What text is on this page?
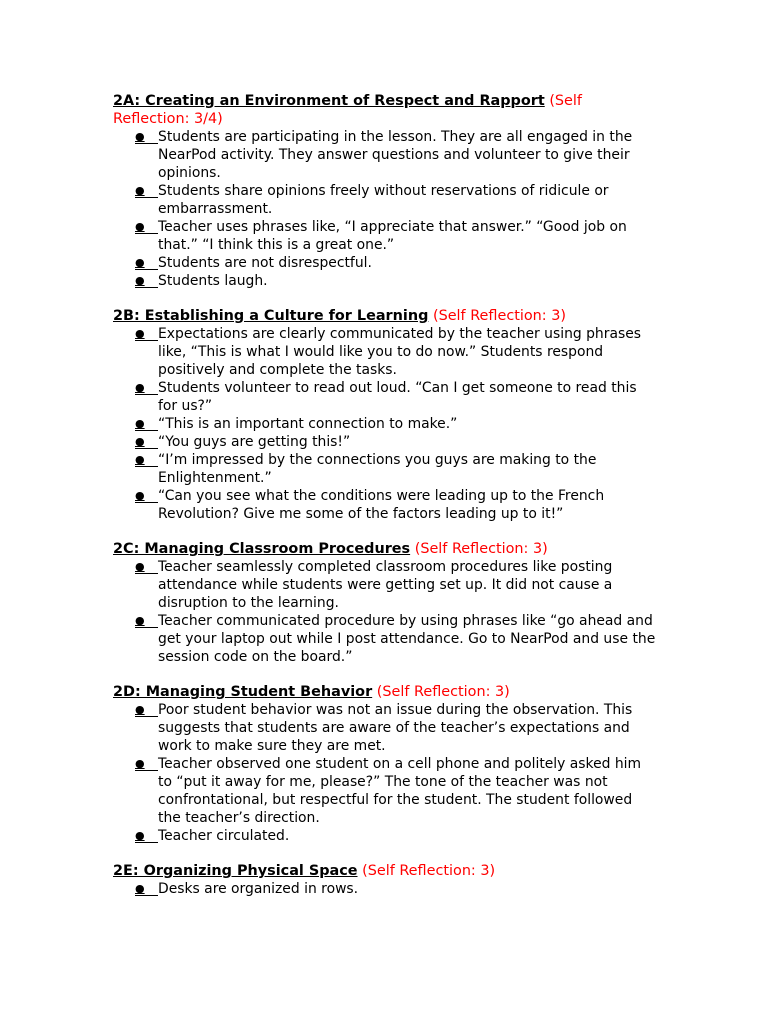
2A: Creating an Environment of Respect and Rapport (Self Reflection: 3/4)

● Students are participating in the lesson. They are all engaged in the NearPod activity. They answer questions and volunteer to give their opinions.
● Students share opinions freely without reservations of ridicule or embarrassment.
● Teacher uses phrases like, “I appreciate that answer.” “Good job on that.” “I think this is a great one.”
● Students are not disrespectful.
● Students laugh.

2B: Establishing a Culture for Learning (Self Reflection: 3)

● Expectations are clearly communicated by the teacher using phrases like, “This is what I would like you to do now.” Students respond positively and complete the tasks.
● Students volunteer to read out loud. “Can I get someone to read this for us?”
● “This is an important connection to make.”
● “You guys are getting this!”
● “I’m impressed by the connections you guys are making to the Enlightenment.”
● “Can you see what the conditions were leading up to the French Revolution? Give me some of the factors leading up to it!”

2C: Managing Classroom Procedures (Self Reflection: 3)

● Teacher seamlessly completed classroom procedures like posting attendance while students were getting set up. It did not cause a disruption to the learning.
● Teacher communicated procedure by using phrases like “go ahead and get your laptop out while I post attendance. Go to NearPod and use the session code on the board.”

2D: Managing Student Behavior (Self Reflection: 3)

● Poor student behavior was not an issue during the observation. This suggests that students are aware of the teacher’s expectations and work to make sure they are met.
● Teacher observed one student on a cell phone and politely asked him to “put it away for me, please?” The tone of the teacher was not confrontational, but respectful for the student. The student followed the teacher’s direction.
● Teacher circulated.

2E: Organizing Physical Space (Self Reflection: 3)

● Desks are organized in rows.
